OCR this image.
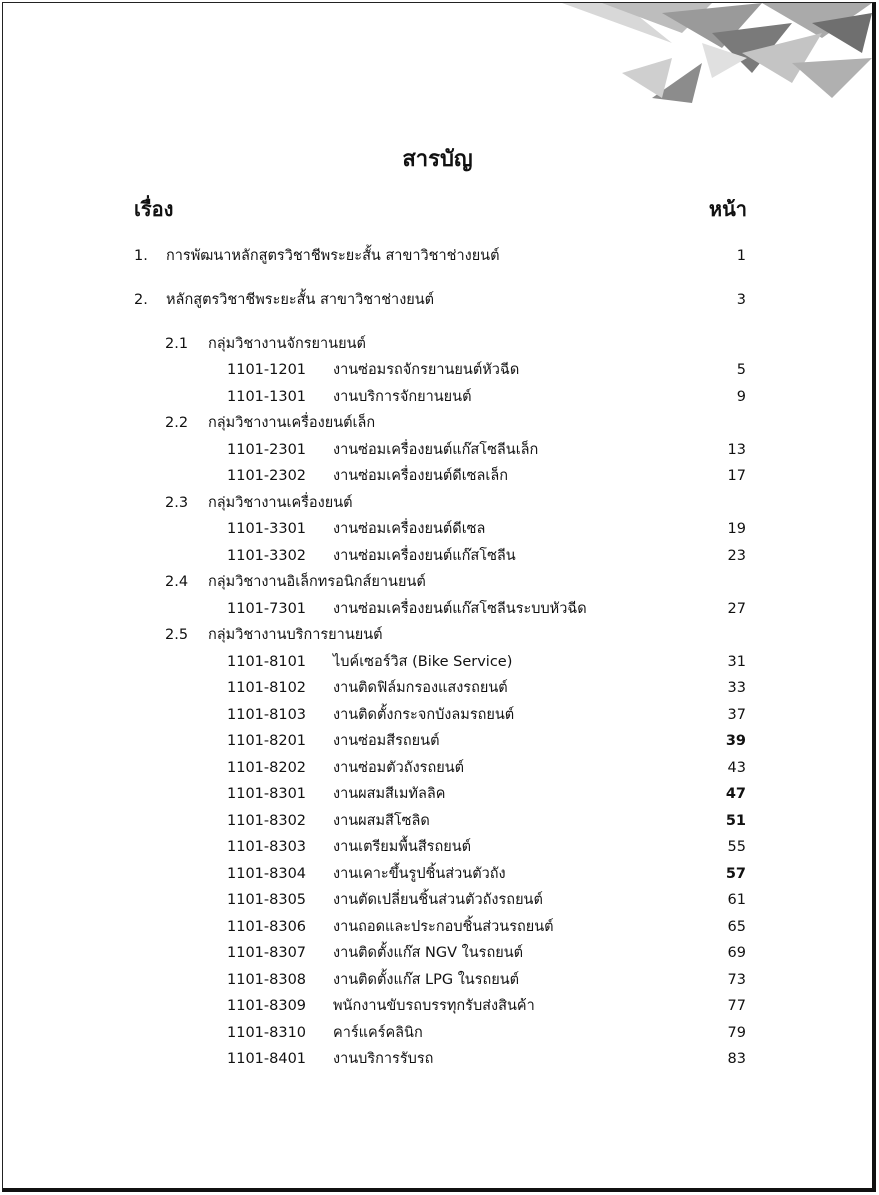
สารบัญ
เรื่อง	หน้า
1. การพัฒนาหลักสูตรวิชาชีพระยะสั้น สาขาวิชาช่างยนต์	1
2. หลักสูตรวิชาชีพระยะสั้น สาขาวิชาช่างยนต์	3
2.1 กลุ่มวิชางานจักรยานยนต์
1101-1201 งานซ่อมรถจักรยานยนต์หัวฉีด	5
1101-1301 งานบริการจักยานยนต์	9
2.2 กลุ่มวิชางานเครื่องยนต์เล็ก
1101-2301 งานซ่อมเครื่องยนต์แก๊สโซลีนเล็ก	13
1101-2302 งานซ่อมเครื่องยนต์ดีเซลเล็ก	17
2.3 กลุ่มวิชางานเครื่องยนต์
1101-3301 งานซ่อมเครื่องยนต์ดีเซล	19
1101-3302 งานซ่อมเครื่องยนต์แก๊สโซลีน	23
2.4 กลุ่มวิชางานอิเล็กทรอนิกส์ยานยนต์
1101-7301 งานซ่อมเครื่องยนต์แก๊สโซลีนระบบหัวฉีด	27
2.5 กลุ่มวิชางานบริการยานยนต์
1101-8101 ไบค์เซอร์วิส (Bike Service)	31
1101-8102 งานติดฟิล์มกรองแสงรถยนต์	33
1101-8103 งานติดตั้งกระจกบังลมรถยนต์	37
1101-8201 งานซ่อมสีรถยนต์	39
1101-8202 งานซ่อมตัวถังรถยนต์	43
1101-8301 งานผสมสีเมทัลลิค	47
1101-8302 งานผสมสีโซลิด	51
1101-8303 งานเตรียมพื้นสีรถยนต์	55
1101-8304 งานเคาะขึ้นรูปชิ้นส่วนตัวถัง	57
1101-8305 งานตัดเปลี่ยนชิ้นส่วนตัวถังรถยนต์	61
1101-8306 งานถอดและประกอบชิ้นส่วนรถยนต์	65
1101-8307 งานติดตั้งแก๊ส NGV ในรถยนต์	69
1101-8308 งานติดตั้งแก๊ส LPG ในรถยนต์	73
1101-8309 พนักงานขับรถบรรทุกรับส่งสินค้า	77
1101-8310 คาร์แคร์คลินิก	79
1101-8401 งานบริการรับรถ	83
